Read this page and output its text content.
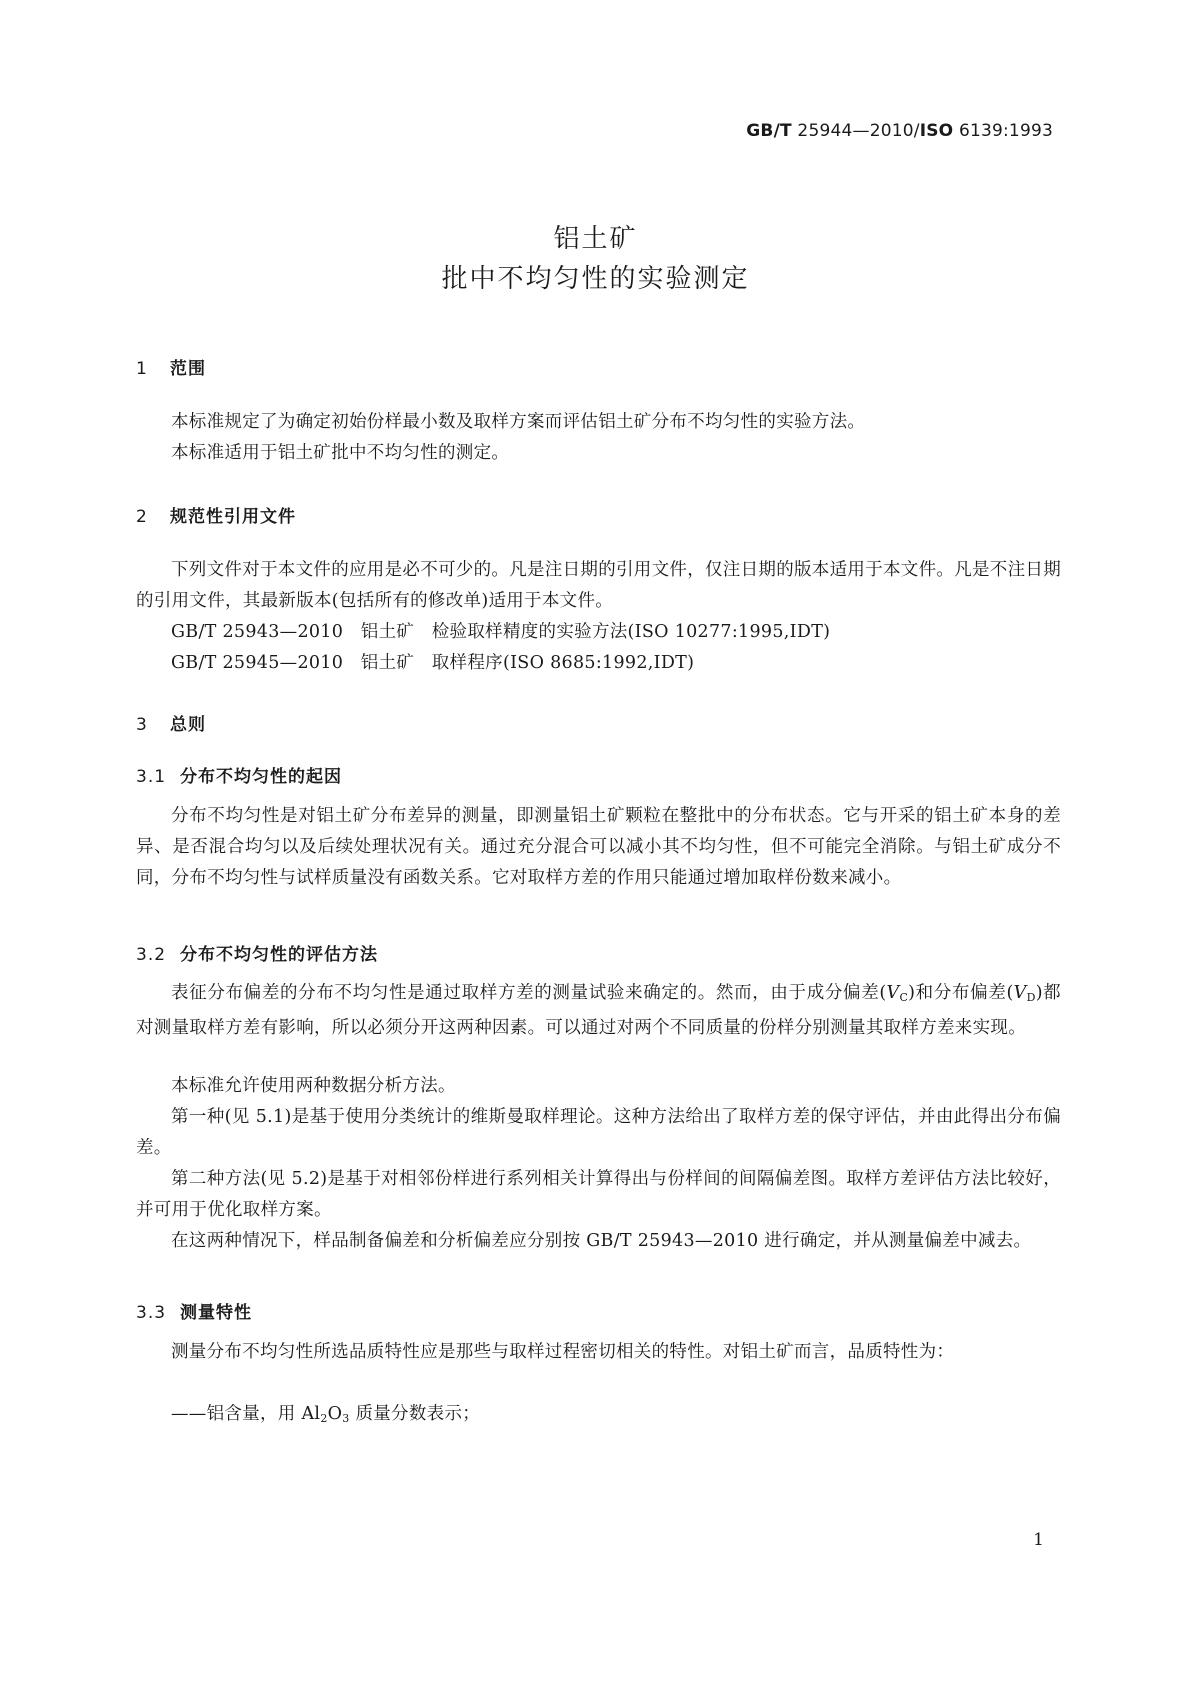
GB/T 25944—2010/ISO 6139:1993
铝土矿
批中不均匀性的实验测定
1 范围

本标准规定了为确定初始份样最小数及取样方案而评估铝土矿分布不均匀性的实验方法。

本标准适用于铝土矿批中不均匀性的测定。

2 规范性引用文件

下列文件对于本文件的应用是必不可少的。凡是注日期的引用文件，仅注日期的版本适用于本文件。凡是不注日期的引用文件，其最新版本(包括所有的修改单)适用于本文件。

GB/T 25943—2010   铝土矿   检验取样精度的实验方法(ISO 10277:1995,IDT)
GB/T 25945—2010   铝土矿   取样程序(ISO 8685:1992,IDT)
3 总则
3.1 分布不均匀性的起因

分布不均匀性是对铝土矿分布差异的测量，即测量铝土矿颗粒在整批中的分布状态。它与开采的铝土矿本身的差异、是否混合均匀以及后续处理状况有关。通过充分混合可以减小其不均匀性，但不可能完全消除。与铝土矿成分不同，分布不均匀性与试样质量没有函数关系。它对取样方差的作用只能通过增加取样份数来减小。

3.2 分布不均匀性的评估方法

表征分布偏差的分布不均匀性是通过取样方差的测量试验来确定的。然而，由于成分偏差$(V_C)$和分布偏差$(V_D)$都对测量取样方差有影响，所以必须分开这两种因素。可以通过对两个不同质量的份样分别测量其取样方差来实现。

本标准允许使用两种数据分析方法。

第一种(见 5.1)是基于使用分类统计的维斯曼取样理论。这种方法给出了取样方差的保守评估，并由此得出分布偏差。

第二种方法(见 5.2)是基于对相邻份样进行系列相关计算得出与份样间的间隔偏差图。取样方差评估方法比较好，并可用于优化取样方案。

在这两种情况下，样品制备偏差和分析偏差应分别按 GB/T 25943—2010 进行确定，并从测量偏差中减去。

3.3 测量特性

测量分布不均匀性所选品质特性应是那些与取样过程密切相关的特性。对铝土矿而言，品质特性为：

——铝含量，用 $Al_2O_3$ 质量分数表示；
1
